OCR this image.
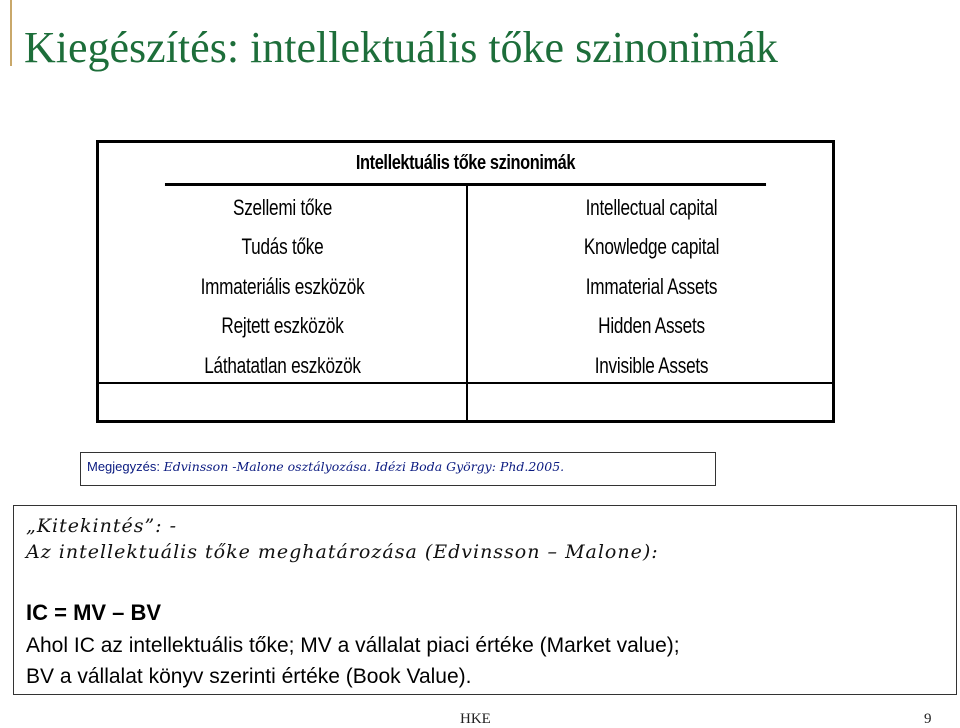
Kiegészítés: intellektuális tőke szinonimák
Intellektuális tőke szinonimák
Szellemi tőke
Tudás tőke
Immateriális eszközök
Rejtett eszközök
Láthatatlan eszközök
Intellectual capital
Knowledge capital
Immaterial Assets
Hidden Assets
Invisible Assets
Megjegyzés: Edvinsson -Malone osztályozása. Idézi Boda György: Phd.2005.
„Kitekintés”: -
Az intellektuális tőke meghatározása (Edvinsson – Malone):
IC = MV – BV
Ahol IC az intellektuális tőke; MV a vállalat piaci értéke (Market value);
BV a vállalat könyv szerinti értéke (Book Value).
HKE	9
